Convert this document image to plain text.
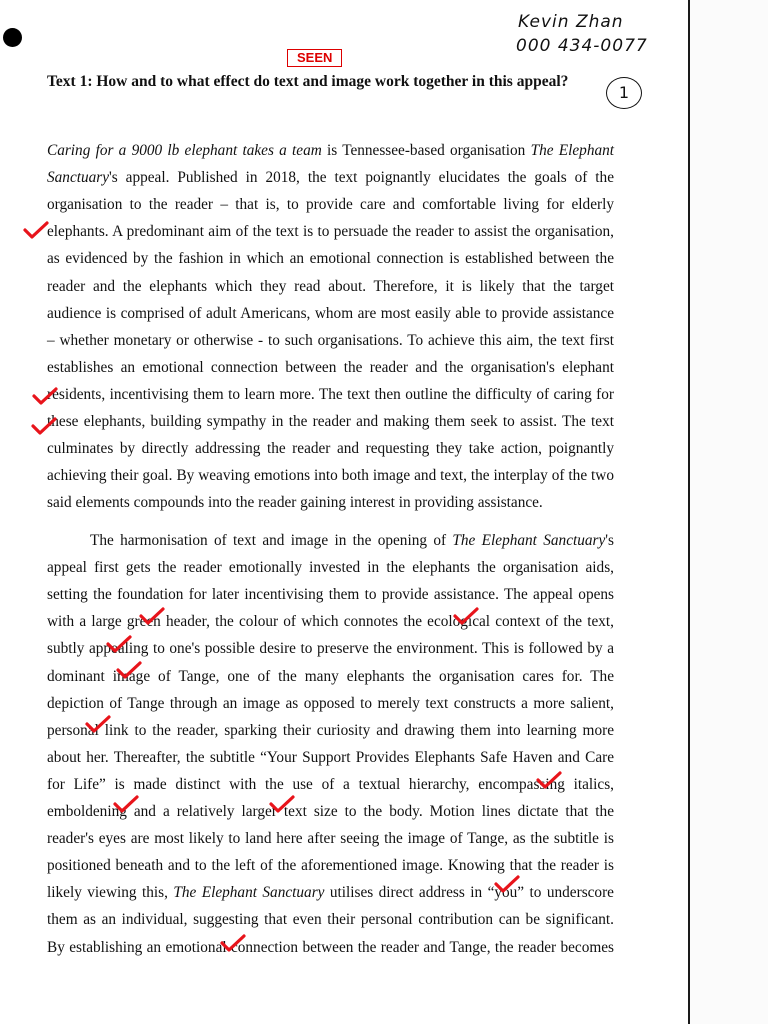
Kevin Zhan
000 434-0077
SEEN
1
Text 1: How and to what effect do text and image work together in this appeal?
Caring for a 9000 lb elephant takes a team is Tennessee-based organisation The Elephant
Sanctuary's appeal. Published in 2018, the text poignantly elucidates the goals of the
organisation to the reader – that is, to provide care and comfortable living for elderly
elephants. A predominant aim of the text is to persuade the reader to assist the organisation,
as evidenced by the fashion in which an emotional connection is established between the
reader and the elephants which they read about. Therefore, it is likely that the target
audience is comprised of adult Americans, whom are most easily able to provide assistance
– whether monetary or otherwise - to such organisations. To achieve this aim, the text first
establishes an emotional connection between the reader and the organisation's elephant
residents, incentivising them to learn more. The text then outline the difficulty of caring for
these elephants, building sympathy in the reader and making them seek to assist. The text
culminates by directly addressing the reader and requesting they take action, poignantly
achieving their goal. By weaving emotions into both image and text, the interplay of the two
said elements compounds into the reader gaining interest in providing assistance.
The harmonisation of text and image in the opening of The Elephant Sanctuary's
appeal first gets the reader emotionally invested in the elephants the organisation aids,
setting the foundation for later incentivising them to provide assistance. The appeal opens
with a large green header, the colour of which connotes the ecological context of the text,
subtly appealing to one's possible desire to preserve the environment. This is followed by a
dominant image of Tange, one of the many elephants the organisation cares for. The
depiction of Tange through an image as opposed to merely text constructs a more salient,
personal link to the reader, sparking their curiosity and drawing them into learning more
about her. Thereafter, the subtitle “Your Support Provides Elephants Safe Haven and Care
for Life” is made distinct with the use of a textual hierarchy, encompassing italics,
emboldening and a relatively larger text size to the body. Motion lines dictate that the
reader's eyes are most likely to land here after seeing the image of Tange, as the subtitle is
positioned beneath and to the left of the aforementioned image. Knowing that the reader is
likely viewing this, The Elephant Sanctuary utilises direct address in “you” to underscore
them as an individual, suggesting that even their personal contribution can be significant.
By establishing an emotional connection between the reader and Tange, the reader becomes
